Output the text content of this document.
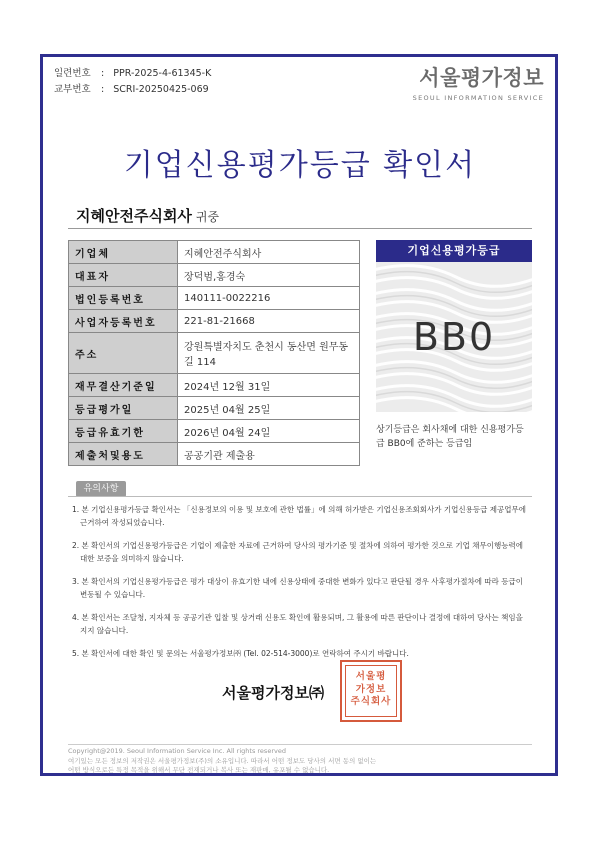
일련번호 : PPR-2025-4-61345-K
교부번호 : SCRI-20250425-069	서울평가정보
SEOUL INFORMATION SERVICE
기업신용평가등급 확인서
지혜안전주식회사 귀중
기업체	지혜안전주식회사
대표자	장덕범,홍경숙
법인등록번호	140111-0022216
사업자등록번호	221-81-21668
주소	강원특별자치도 춘천시 동산면 원무동길 114
재무결산기준일	2024년 12월 31일
등급평가일	2025년 04월 25일
등급유효기한	2026년 04월 24일
제출처및용도	공공기관 제출용
기업신용평가등급
BB0
상기등급은 회사채에 대한 신용평가등급 BB0에 준하는 등급임
유의사항

1. 본 기업신용평가등급 확인서는 「신용정보의 이용 및 보호에 관한 법률」에 의해 허가받은 기업신용조회회사가 기업신용등급 제공업무에 근거하여 작성되었습니다.

2. 본 확인서의 기업신용평가등급은 기업이 제출한 자료에 근거하여 당사의 평가기준 및 절차에 의하여 평가한 것으로 기업 채무이행능력에 대한 보증을 의미하지 않습니다.

3. 본 확인서의 기업신용평가등급은 평가 대상이 유효기한 내에 신용상태에 중대한 변화가 있다고 판단될 경우 사후평가절차에 따라 등급이 변동될 수 있습니다.

4. 본 확인서는 조달청, 지자체 등 공공기관 입찰 및 상거래 신용도 확인에 활용되며, 그 활용에 따른 판단이나 결정에 대하여 당사는 책임을 지지 않습니다.

5. 본 확인서에 대한 확인 및 문의는 서울평가정보㈜ (Tel. 02-514-3000)로 연락하여 주시기 바랍니다.

서울평가정보㈜
서울평
가정보
주식회사
Copyright@2019. Seoul Information Service Inc. All rights reserved
여기있는 모든 정보의 저작권은 서울평가정보(주)의 소유입니다. 따라서 어떤 정보도 당사의 서면 동의 없이는
어떤 방식으로든 특정 목적을 위해서 무단 전재되거나 복사 또는 재판매, 유포될 수 없습니다.
